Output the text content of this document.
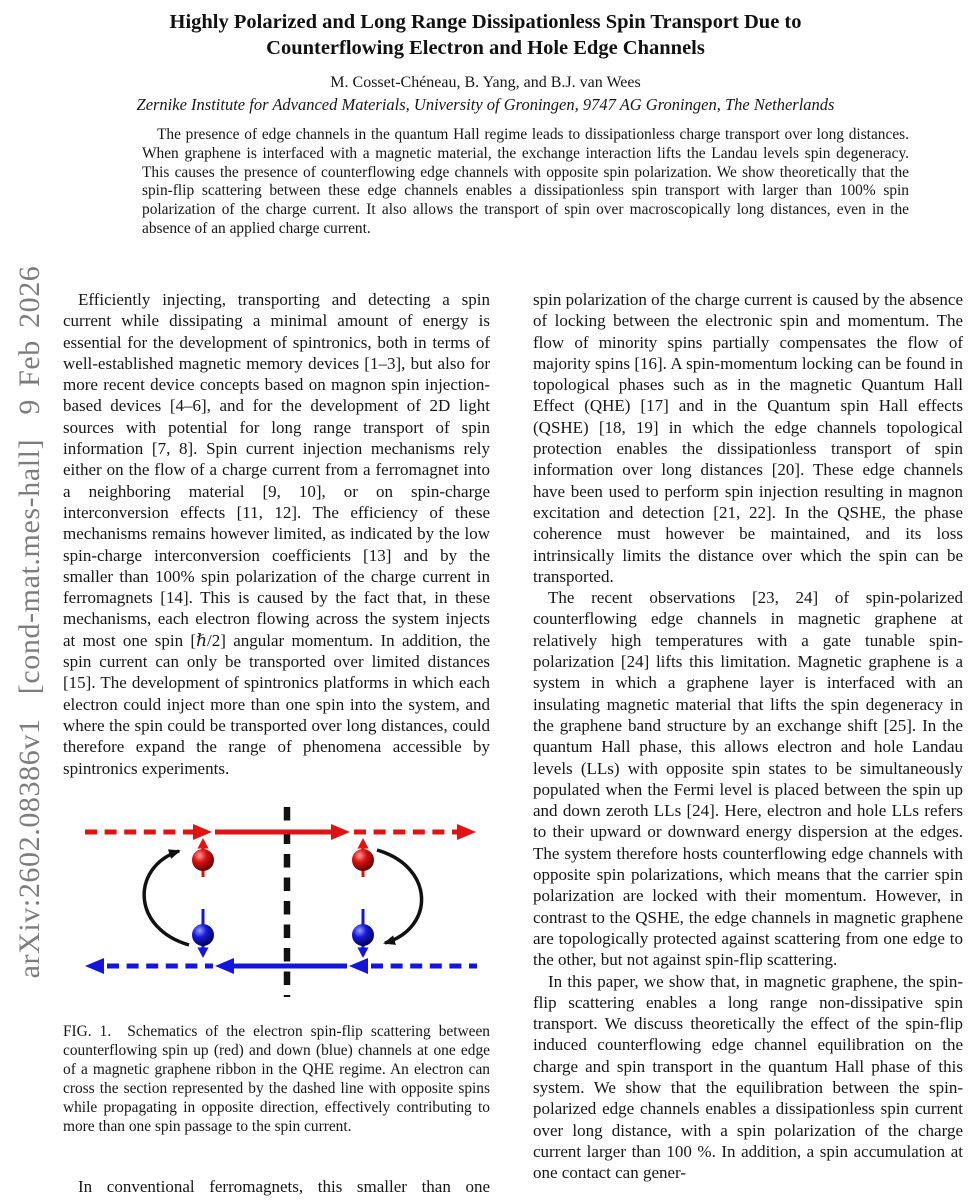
arXiv:2602.08386v1  [cond-mat.mes-hall]  9 Feb 2026
Highly Polarized and Long Range Dissipationless Spin Transport Due to
Counterflowing Electron and Hole Edge Channels
M. Cosset-Chéneau, B. Yang, and B.J. van Wees
Zernike Institute for Advanced Materials, University of Groningen, 9747 AG Groningen, The Netherlands

The presence of edge channels in the quantum Hall regime leads to dissipationless charge transport over long distances. When graphene is interfaced with a magnetic material, the exchange interaction lifts the Landau levels spin degeneracy. This causes the presence of counterflowing edge channels with opposite spin polarization. We show theoretically that the spin-flip scattering between these edge channels enables a dissipationless spin transport with larger than 100% spin polarization of the charge current. It also allows the transport of spin over macroscopically long distances, even in the absence of an applied charge current.

Efficiently injecting, transporting and detecting a spin current while dissipating a minimal amount of energy is essential for the development of spintronics, both in terms of well-established magnetic memory devices [1–3], but also for more recent device concepts based on magnon spin injection-based devices [4–6], and for the development of 2D light sources with potential for long range transport of spin information [7, 8]. Spin current injection mechanisms rely either on the flow of a charge current from a ferromagnet into a neighboring material [9, 10], or on spin-charge interconversion effects [11, 12]. The efficiency of these mechanisms remains however limited, as indicated by the low spin-charge interconversion coefficients [13] and by the smaller than 100% spin polarization of the charge current in ferromagnets [14]. This is caused by the fact that, in these mechanisms, each electron flowing across the system injects at most one spin [ℏ/2] angular momentum. In addition, the spin current can only be transported over limited distances [15]. The development of spintronics platforms in which each electron could inject more than one spin into the system, and where the spin could be transported over long distances, could therefore expand the range of phenomena accessible by spintronics experiments.

FIG. 1. Schematics of the electron spin-flip scattering between counterflowing spin up (red) and down (blue) channels at one edge of a magnetic graphene ribbon in the QHE regime. An electron can cross the section represented by the dashed line with opposite spins while propagating in opposite direction, effectively contributing to more than one spin passage to the spin current.

In conventional ferromagnets, this smaller than one

spin polarization of the charge current is caused by the absence of locking between the electronic spin and momentum. The flow of minority spins partially compensates the flow of majority spins [16]. A spin-momentum locking can be found in topological phases such as in the magnetic Quantum Hall Effect (QHE) [17] and in the Quantum spin Hall effects (QSHE) [18, 19] in which the edge channels topological protection enables the dissipationless transport of spin information over long distances [20]. These edge channels have been used to perform spin injection resulting in magnon excitation and detection [21, 22]. In the QSHE, the phase coherence must however be maintained, and its loss intrinsically limits the distance over which the spin can be transported.

The recent observations [23, 24] of spin-polarized counterflowing edge channels in magnetic graphene at relatively high temperatures with a gate tunable spin-polarization [24] lifts this limitation. Magnetic graphene is a system in which a graphene layer is interfaced with an insulating magnetic material that lifts the spin degeneracy in the graphene band structure by an exchange shift [25]. In the quantum Hall phase, this allows electron and hole Landau levels (LLs) with opposite spin states to be simultaneously populated when the Fermi level is placed between the spin up and down zeroth LLs [24]. Here, electron and hole LLs refers to their upward or downward energy dispersion at the edges. The system therefore hosts counterflowing edge channels with opposite spin polarizations, which means that the carrier spin polarization are locked with their momentum. However, in contrast to the QSHE, the edge channels in magnetic graphene are topologically protected against scattering from one edge to the other, but not against spin-flip scattering.

In this paper, we show that, in magnetic graphene, the spin-flip scattering enables a long range non-dissipative spin transport. We discuss theoretically the effect of the spin-flip induced counterflowing edge channel equilibration on the charge and spin transport in the quantum Hall phase of this system. We show that the equilibration between the spin-polarized edge channels enables a dissipationless spin current over long distance, with a spin polarization of the charge current larger than 100 %. In addition, a spin accumulation at one contact can gener-
